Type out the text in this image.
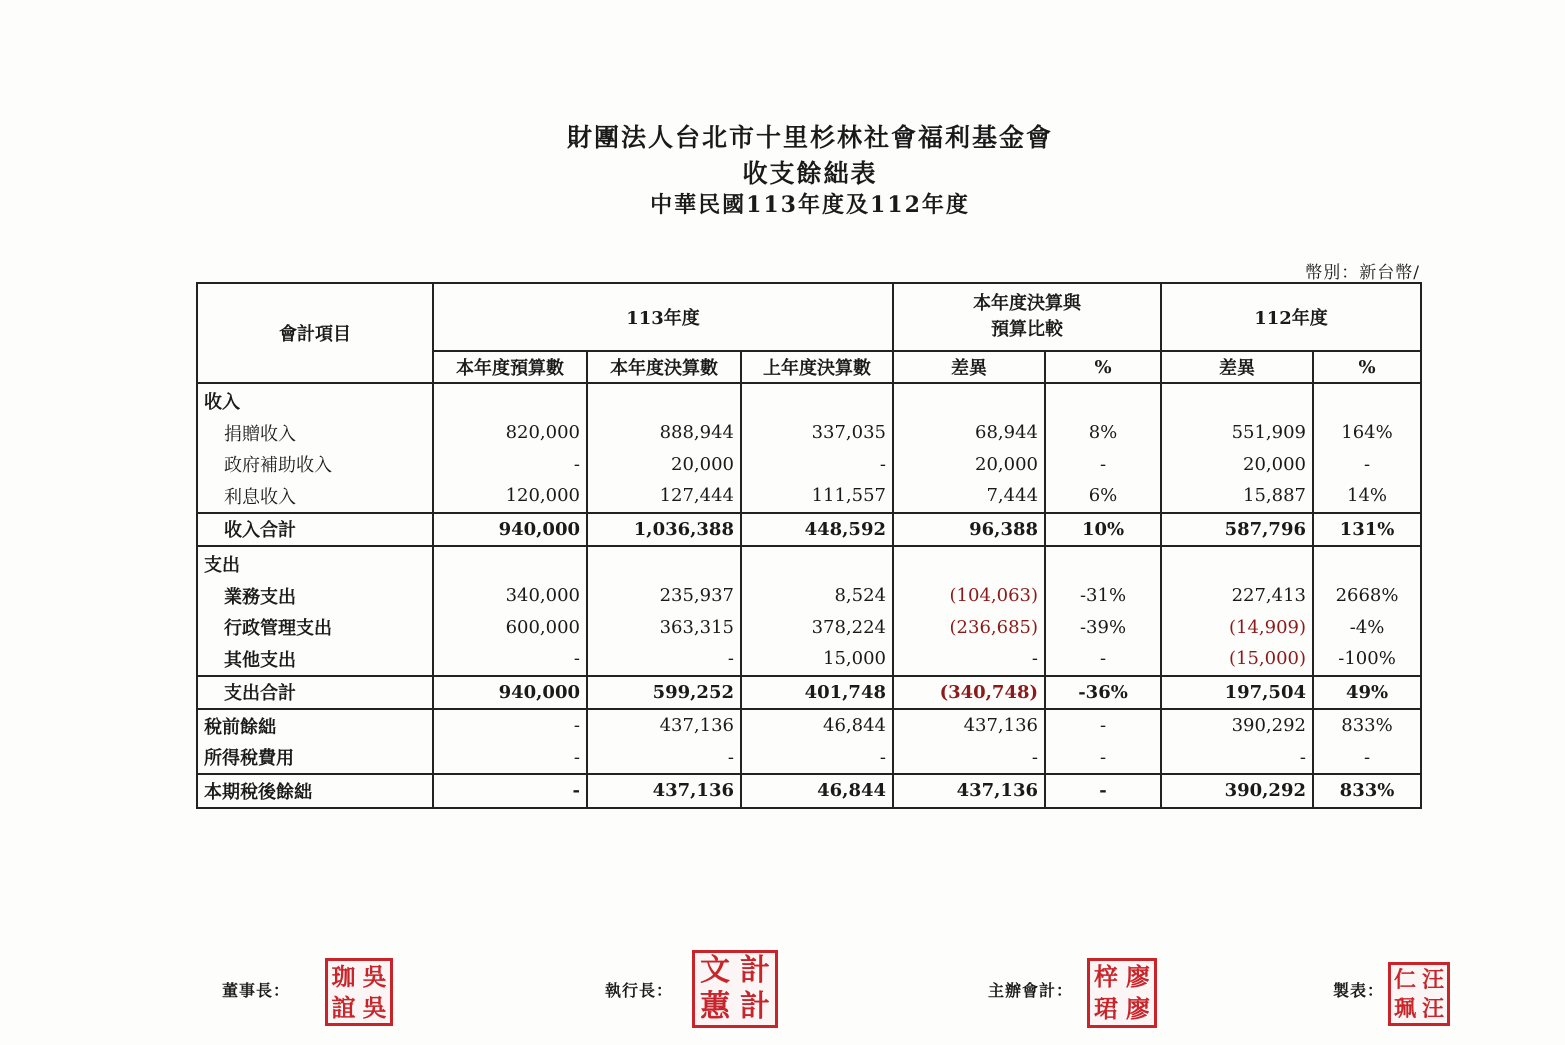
財團法人台北市十里杉林社會福利基金會
收支餘絀表
中華民國113年度及112年度
幣別：新台幣/
會計項目	113年度			本年度決算與
預算比較		112年度	
	本年度預算數	本年度決算數	上年度決算數	差異	%	差異	%
收入							
捐贈收入	820,000	888,944	337,035	68,944	8%	551,909	164%
政府補助收入	-	20,000	-	20,000	-	20,000	-
利息收入	120,000	127,444	111,557	7,444	6%	15,887	14%
收入合計	940,000	1,036,388	448,592	96,388	10%	587,796	131%
支出							
業務支出	340,000	235,937	8,524	(104,063)	-31%	227,413	2668%
行政管理支出	600,000	363,315	378,224	(236,685)	-39%	(14,909)	-4%
其他支出	-	-	15,000	-	-	(15,000)	-100%
支出合計	940,000	599,252	401,748	(340,748)	-36%	197,504	49%
稅前餘絀	-	437,136	46,844	437,136	-	390,292	833%
所得稅費用	-	-	-	-	-	-	-
本期稅後餘絀	-	437,136	46,844	437,136	-	390,292	833%
董事長： 珈 吳
誼 吳
執行長：
文 計
蕙 計	主辦會計： 梓 廖
珺 廖
製表： 仁 汪
珮 汪
